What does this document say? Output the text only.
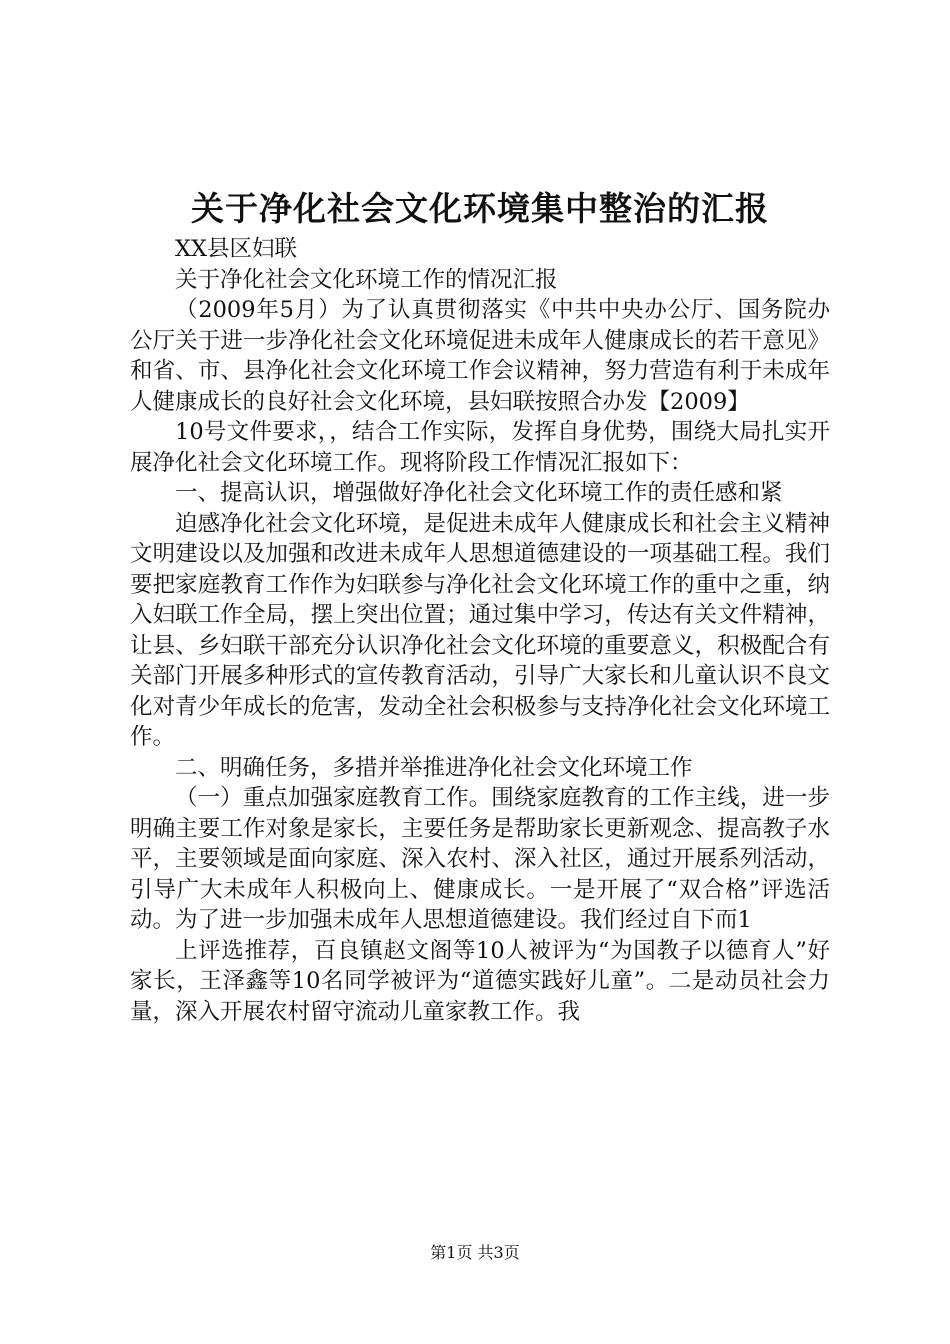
关于净化社会文化环境集中整治的汇报

XX县区妇联

关于净化社会文化环境工作的情况汇报

（2009年5月）为了认真贯彻落实《中共中央办公厅、国务院办公厅关于进一步净化社会文化环境促进未成年人健康成长的若干意见》和省、市、县净化社会文化环境工作会议精神，努力营造有利于未成年人健康成长的良好社会文化环境，县妇联按照合办发【2009】

10号文件要求，，结合工作实际，发挥自身优势，围绕大局扎实开展净化社会文化环境工作。现将阶段工作情况汇报如下：

一、提高认识，增强做好净化社会文化环境工作的责任感和紧

迫感净化社会文化环境，是促进未成年人健康成长和社会主义精神文明建设以及加强和改进未成年人思想道德建设的一项基础工程。我们要把家庭教育工作作为妇联参与净化社会文化环境工作的重中之重，纳入妇联工作全局，摆上突出位置；通过集中学习，传达有关文件精神，让县、乡妇联干部充分认识净化社会文化环境的重要意义，积极配合有关部门开展多种形式的宣传教育活动，引导广大家长和儿童认识不良文化对青少年成长的危害，发动全社会积极参与支持净化社会文化环境工作。

二、明确任务，多措并举推进净化社会文化环境工作

（一）重点加强家庭教育工作。围绕家庭教育的工作主线，进一步明确主要工作对象是家长，主要任务是帮助家长更新观念、提高教子水平，主要领域是面向家庭、深入农村、深入社区，通过开展系列活动，引导广大未成年人积极向上、健康成长。一是开展了“双合格”评选活动。为了进一步加强未成年人思想道德建设。我们经过自下而1

上评选推荐，百良镇赵文阁等10人被评为“为国教子以德育人”好家长，王泽鑫等10名同学被评为“道德实践好儿童”。二是动员社会力量，深入开展农村留守流动儿童家教工作。我

第1页 共3页
